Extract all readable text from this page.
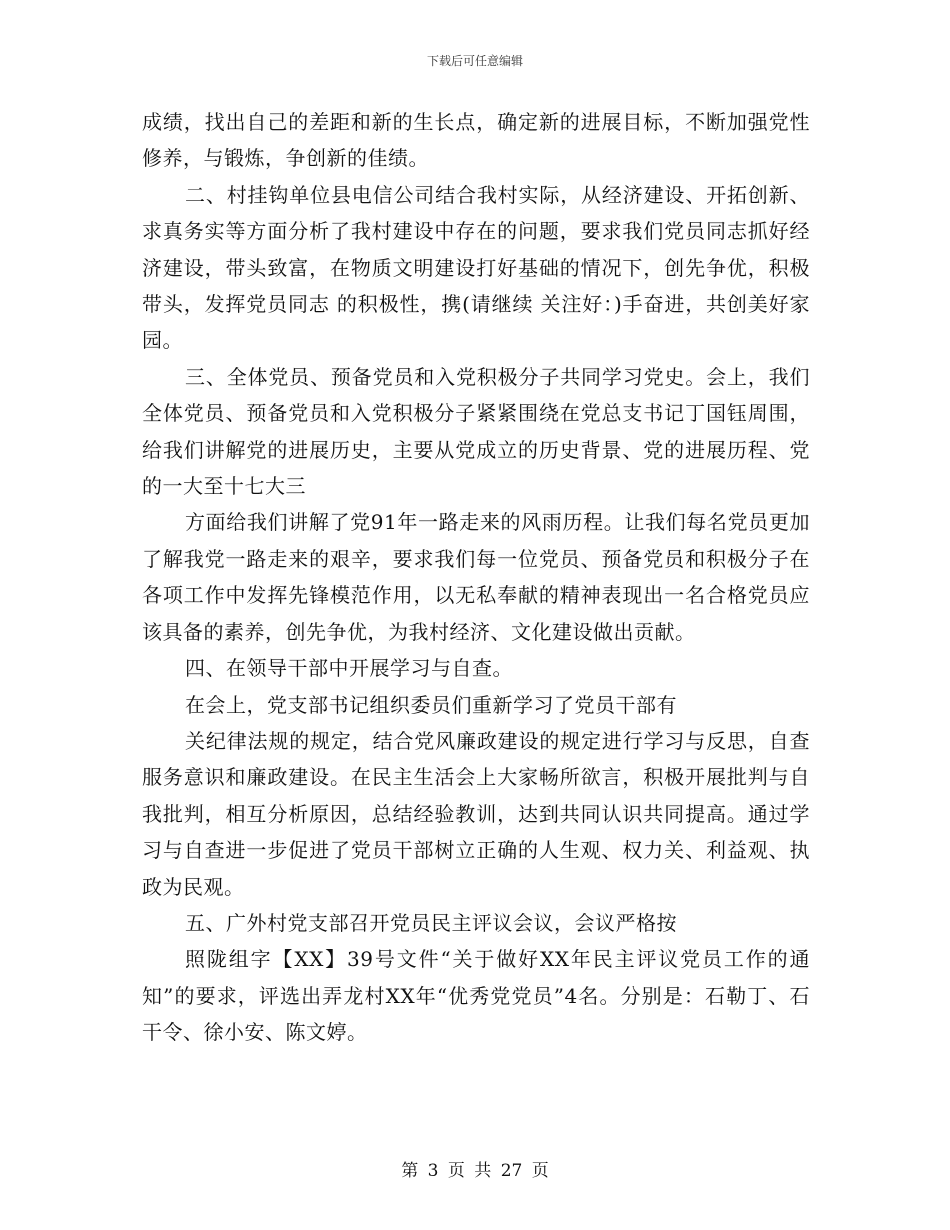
下载后可任意编辑

成绩，找出自己的差距和新的生长点，确定新的进展目标，不断加强党性修养，与锻炼，争创新的佳绩。

二、村挂钩单位县电信公司结合我村实际，从经济建设、开拓创新、求真务实等方面分析了我村建设中存在的问题，要求我们党员同志抓好经济建设，带头致富，在物质文明建设打好基础的情况下，创先争优，积极带头，发挥党员同志 的积极性，携(请继续 关注好：)手奋进，共创美好家园。

三、全体党员、预备党员和入党积极分子共同学习党史。会上，我们全体党员、预备党员和入党积极分子紧紧围绕在党总支书记丁国钰周围，给我们讲解党的进展历史，主要从党成立的历史背景、党的进展历程、党的一大至十七大三

方面给我们讲解了党91年一路走来的风雨历程。让我们每名党员更加了解我党一路走来的艰辛，要求我们每一位党员、预备党员和积极分子在各项工作中发挥先锋模范作用，以无私奉献的精神表现出一名合格党员应该具备的素养，创先争优，为我村经济、文化建设做出贡献。

四、在领导干部中开展学习与自查。

在会上，党支部书记组织委员们重新学习了党员干部有

关纪律法规的规定，结合党风廉政建设的规定进行学习与反思，自查服务意识和廉政建设。在民主生活会上大家畅所欲言，积极开展批判与自我批判，相互分析原因，总结经验教训，达到共同认识共同提高。通过学习与自查进一步促进了党员干部树立正确的人生观、权力关、利益观、执政为民观。

五、广外村党支部召开党员民主评议会议，会议严格按

照陇组字【XX】39号文件“关于做好XX年民主评议党员工作的通知”的要求，评选出弄龙村XX年“优秀党党员”4名。分别是：石勒丁、石干令、徐小安、陈文婷。

第 3 页 共 27 页
